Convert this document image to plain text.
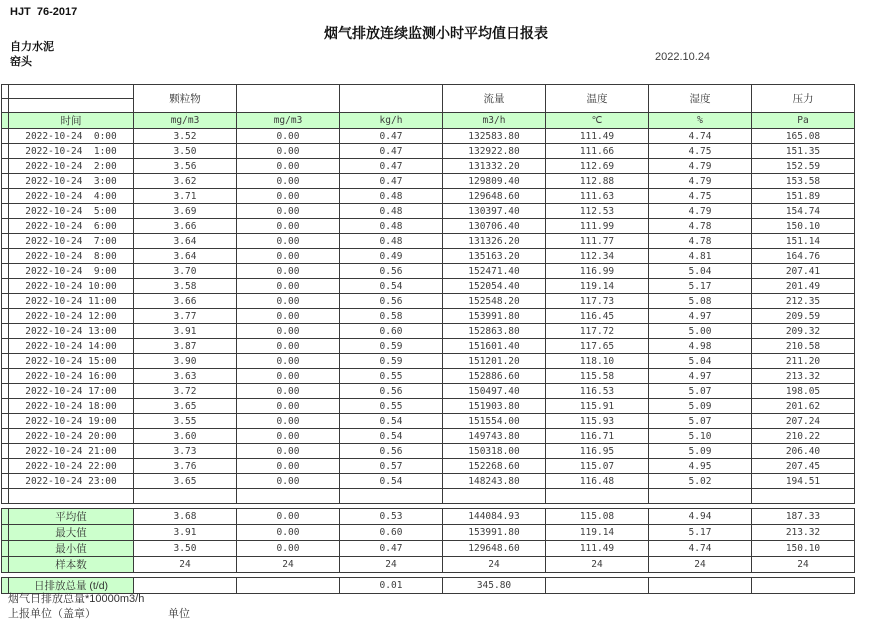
HJT  76-2017
烟气排放连续监测小时平均值日报表
自力水泥
窑头	2022.10.24
		颗粒物			流量	温度	湿度	压力

	时间	mg/m3	mg/m3	kg/h	m3/h	℃	%	Pa
	2022-10-24  0:00	3.52	0.00	0.47	132583.80	111.49	4.74	165.08
	2022-10-24  1:00	3.50	0.00	0.47	132922.80	111.66	4.75	151.35
	2022-10-24  2:00	3.56	0.00	0.47	131332.20	112.69	4.79	152.59
	2022-10-24  3:00	3.62	0.00	0.47	129809.40	112.88	4.79	153.58
	2022-10-24  4:00	3.71	0.00	0.48	129648.60	111.63	4.75	151.89
	2022-10-24  5:00	3.69	0.00	0.48	130397.40	112.53	4.79	154.74
	2022-10-24  6:00	3.66	0.00	0.48	130706.40	111.99	4.78	150.10
	2022-10-24  7:00	3.64	0.00	0.48	131326.20	111.77	4.78	151.14
	2022-10-24  8:00	3.64	0.00	0.49	135163.20	112.34	4.81	164.76
	2022-10-24  9:00	3.70	0.00	0.56	152471.40	116.99	5.04	207.41
	2022-10-24 10:00	3.58	0.00	0.54	152054.40	119.14	5.17	201.49
	2022-10-24 11:00	3.66	0.00	0.56	152548.20	117.73	5.08	212.35
	2022-10-24 12:00	3.77	0.00	0.58	153991.80	116.45	4.97	209.59
	2022-10-24 13:00	3.91	0.00	0.60	152863.80	117.72	5.00	209.32
	2022-10-24 14:00	3.87	0.00	0.59	151601.40	117.65	4.98	210.58
	2022-10-24 15:00	3.90	0.00	0.59	151201.20	118.10	5.04	211.20
	2022-10-24 16:00	3.63	0.00	0.55	152886.60	115.58	4.97	213.32
	2022-10-24 17:00	3.72	0.00	0.56	150497.40	116.53	5.07	198.05
	2022-10-24 18:00	3.65	0.00	0.55	151903.80	115.91	5.09	201.62
	2022-10-24 19:00	3.55	0.00	0.54	151554.00	115.93	5.07	207.24
	2022-10-24 20:00	3.60	0.00	0.54	149743.80	116.71	5.10	210.22
	2022-10-24 21:00	3.73	0.00	0.56	150318.00	116.95	5.09	206.40
	2022-10-24 22:00	3.76	0.00	0.57	152268.60	115.07	4.95	207.45
	2022-10-24 23:00	3.65	0.00	0.54	148243.80	116.48	5.02	194.51

	平均值	3.68	0.00	0.53	144084.93	115.08	4.94	187.33
	最大值	3.91	0.00	0.60	153991.80	119.14	5.17	213.32
	最小值	3.50	0.00	0.47	129648.60	111.49	4.74	150.10
	样本数	24	24	24	24	24	24	24
	日排放总量 (t/d)			0.01	345.80			
烟气日排放总量*10000m3/h
上报单位（盖章）	单位
